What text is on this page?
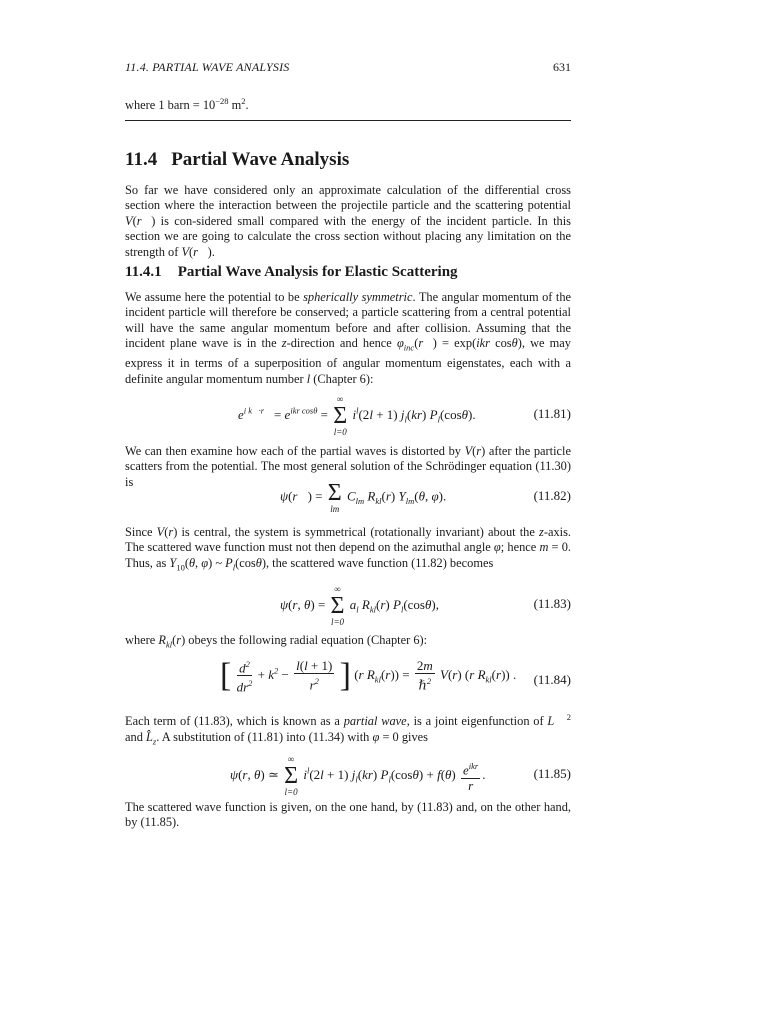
11.4. PARTIAL WAVE ANALYSIS	631
where 1 barn = $10^{-28}$ $m^2$.
11.4 Partial Wave Analysis
So far we have considered only an approximate calculation of the differential cross section where the interaction between the projectile particle and the scattering potential V(r⃗) is con-sidered small compared with the energy of the incident particle. In this section we are going to calculate the cross section without placing any limitation on the strength of V(r⃗).
11.4.1 Partial Wave Analysis for Elastic Scattering
We assume here the potential to be spherically symmetric. The angular momentum of the incident particle will therefore be conserved; a particle scattering from a central potential will have the same angular momentum before and after collision. Assuming that the incident plane wave is in the z-direction and hence $\varphi_{inc}(r⃗) = \exp(ikr$ cosθ), we may express it in terms of a superposition of angular momentum eigenstates, each with a definite angular momentum number l (Chapter 6):
$e^{i k⃗\cdot r⃗} = e^{ikr cos\theta}$ =
∞
Σ
l=0
$i^l(2l + 1)$ $j_l(kr)$ $P_l(\cos\theta)$.	(11.81)
We can then examine how each of the partial waves is distorted by V(r) after the particle scatters from the potential. The most general solution of the Schrödinger equation (11.30) is
ψ(r⃗) = Σ
lm
$C_{lm}$ $R_{kl}(r)$ $Y_{lm}(\theta$, φ).	(11.82)
Since V(r) is central, the system is symmetrical (rotationally invariant) about the z-axis. The scattered wave function must not then depend on the azimuthal angle φ; hence m = 0. Thus, as $Y_{10}(\theta$, φ) ~ $P_l(\cos\theta)$, the scattered wave function (11.82) becomes
ψ(r, θ) =
∞
Σ
l=0
$a_l$ $R_{kl}(r)$ $P_l(\cos\theta)$,	(11.83)
where $R_{kl}(r)$ obeys the following radial equation (Chapter 6):
[ $\frac{d^2}{dr^2} + k^2 - \frac{l(l + 1)}{r^2}$ ] (r $R_{kl}(r)) = \frac{2m}{\hbar^2} V(r)$ (r $R_{kl}(r)$) . (11.84)
Each term of (11.83), which is known as a partial wave, is a joint eigenfunction of L⃗ $^2$ and $L̂_z$. A substitution of (11.81) into (11.34) with φ = 0 gives
ψ(r, θ) ≃
∞
Σ
l=0
$i^l(2l + 1)$ $j_l(kr) P_l(\cos\theta) + f(\theta) \frac{e^{ikr}}{r}$ .	(11.85)
The scattered wave function is given, on the one hand, by (11.83) and, on the other hand, by (11.85).
